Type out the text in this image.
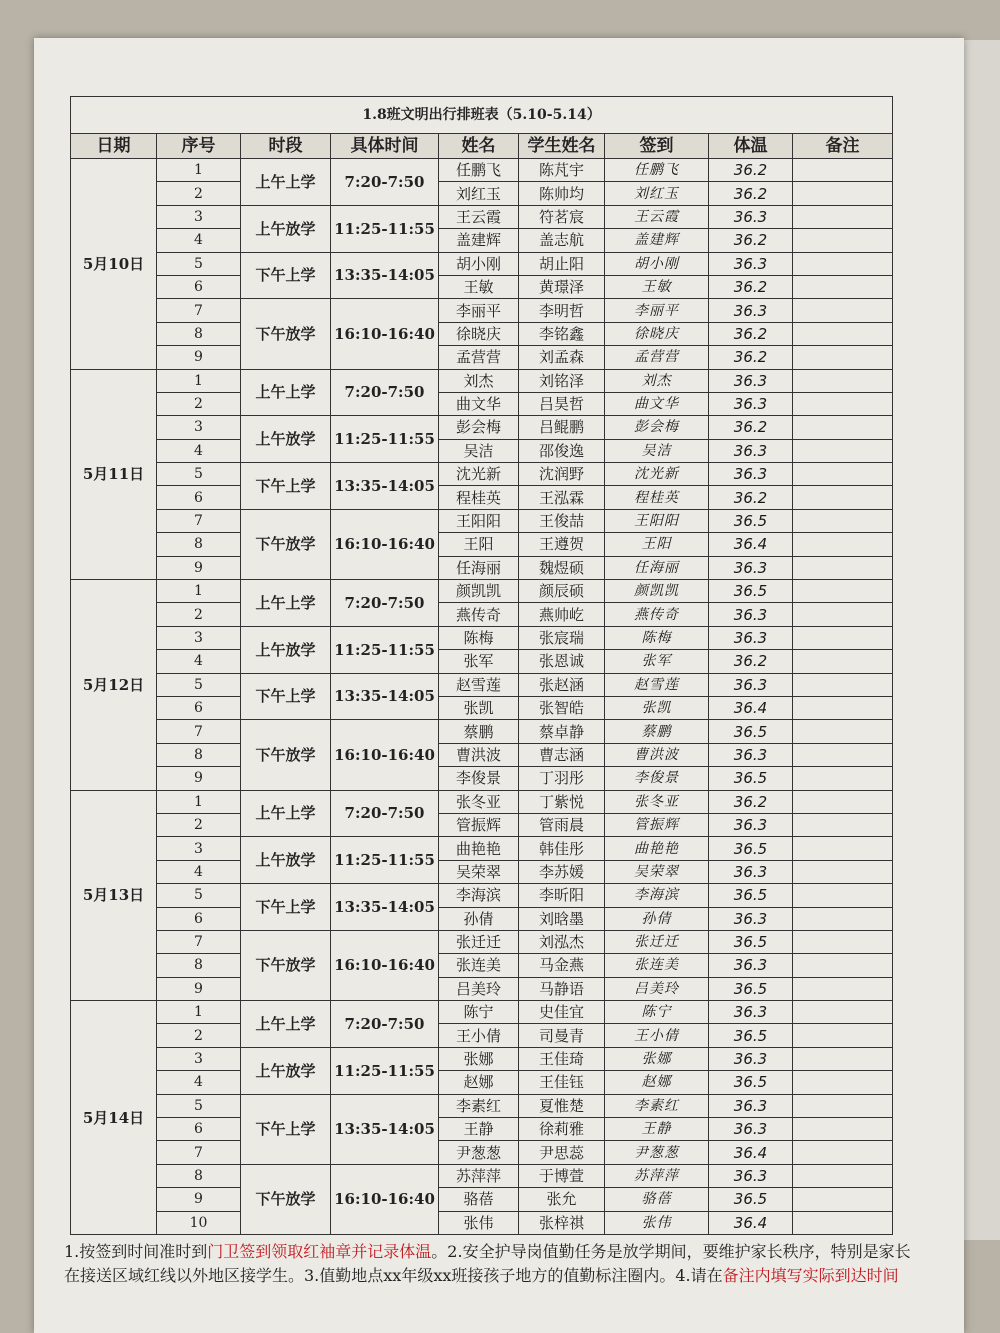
1.8班文明出行排班表（5.10-5.14）								
日期	序号	时段	具体时间	姓名	学生姓名	签到	体温	备注
5月10日	1	上午上学	7:20-7:50	任鹏飞	陈芃宇	任鹏飞	36.2	
	2			刘红玉	陈帅均	刘红玉	36.2	
	3	上午放学	11:25-11:55	王云霞	符茗宸	王云霞	36.3	
	4			盖建辉	盖志航	盖建辉	36.2	
	5	下午上学	13:35-14:05	胡小刚	胡止阳	胡小刚	36.3	
	6			王敏	黄璟泽	王敏	36.2	
	7	下午放学	16:10-16:40	李丽平	李明哲	李丽平	36.3	
	8			徐晓庆	李铭鑫	徐晓庆	36.2	
	9			孟营营	刘孟森	孟营营	36.2	
5月11日	1	上午上学	7:20-7:50	刘杰	刘铭泽	刘杰	36.3	
	2			曲文华	吕昊哲	曲文华	36.3	
	3	上午放学	11:25-11:55	彭会梅	吕鲲鹏	彭会梅	36.2	
	4			吴洁	邵俊逸	吴洁	36.3	
	5	下午上学	13:35-14:05	沈光新	沈润野	沈光新	36.3	
	6			程桂英	王泓霖	程桂英	36.2	
	7	下午放学	16:10-16:40	王阳阳	王俊喆	王阳阳	36.5	
	8			王阳	王遵贺	王阳	36.4	
	9			任海丽	魏煜硕	任海丽	36.3	
5月12日	1	上午上学	7:20-7:50	颜凯凯	颜辰硕	颜凯凯	36.5	
	2			燕传奇	燕帅屹	燕传奇	36.3	
	3	上午放学	11:25-11:55	陈梅	张宸瑞	陈梅	36.3	
	4			张军	张恩诚	张军	36.2	
	5	下午上学	13:35-14:05	赵雪莲	张赵涵	赵雪莲	36.3	
	6			张凯	张智皓	张凯	36.4	
	7	下午放学	16:10-16:40	蔡鹏	蔡卓静	蔡鹏	36.5	
	8			曹洪波	曹志涵	曹洪波	36.3	
	9			李俊景	丁羽彤	李俊景	36.5	
5月13日	1	上午上学	7:20-7:50	张冬亚	丁紫悦	张冬亚	36.2	
	2			管振辉	管雨晨	管振辉	36.3	
	3	上午放学	11:25-11:55	曲艳艳	韩佳彤	曲艳艳	36.5	
	4			吴荣翠	李苏媛	吴荣翠	36.3	
	5	下午上学	13:35-14:05	李海滨	李昕阳	李海滨	36.5	
	6			孙倩	刘晗墨	孙倩	36.3	
	7	下午放学	16:10-16:40	张迁迁	刘泓杰	张迁迁	36.5	
	8			张连美	马金燕	张连美	36.3	
	9			吕美玲	马静语	吕美玲	36.5	
5月14日	1	上午上学	7:20-7:50	陈宁	史佳宜	陈宁	36.3	
	2			王小倩	司曼青	王小倩	36.5	
	3	上午放学	11:25-11:55	张娜	王佳琦	张娜	36.3	
	4			赵娜	王佳钰	赵娜	36.5	
	5	下午上学	13:35-14:05	李素红	夏惟楚	李素红	36.3	
	6			王静	徐莉雅	王静	36.3	
	7			尹葱葱	尹思蕊	尹葱葱	36.4	
	8	下午放学	16:10-16:40	苏萍萍	于博萱	苏萍萍	36.3	
	9			骆蓓	张允	骆蓓	36.5	
	10			张伟	张梓祺	张伟	36.4	
1.按签到时间准时到门卫签到领取红袖章并记录体温。2.安全护导岗值勤任务是放学期间，要维护家长秩序，特别是家长在接送区域红线以外地区接学生。3.值勤地点xx年级xx班接孩子地方的值勤标注圈内。4.请在备注内填写实际到达时间
